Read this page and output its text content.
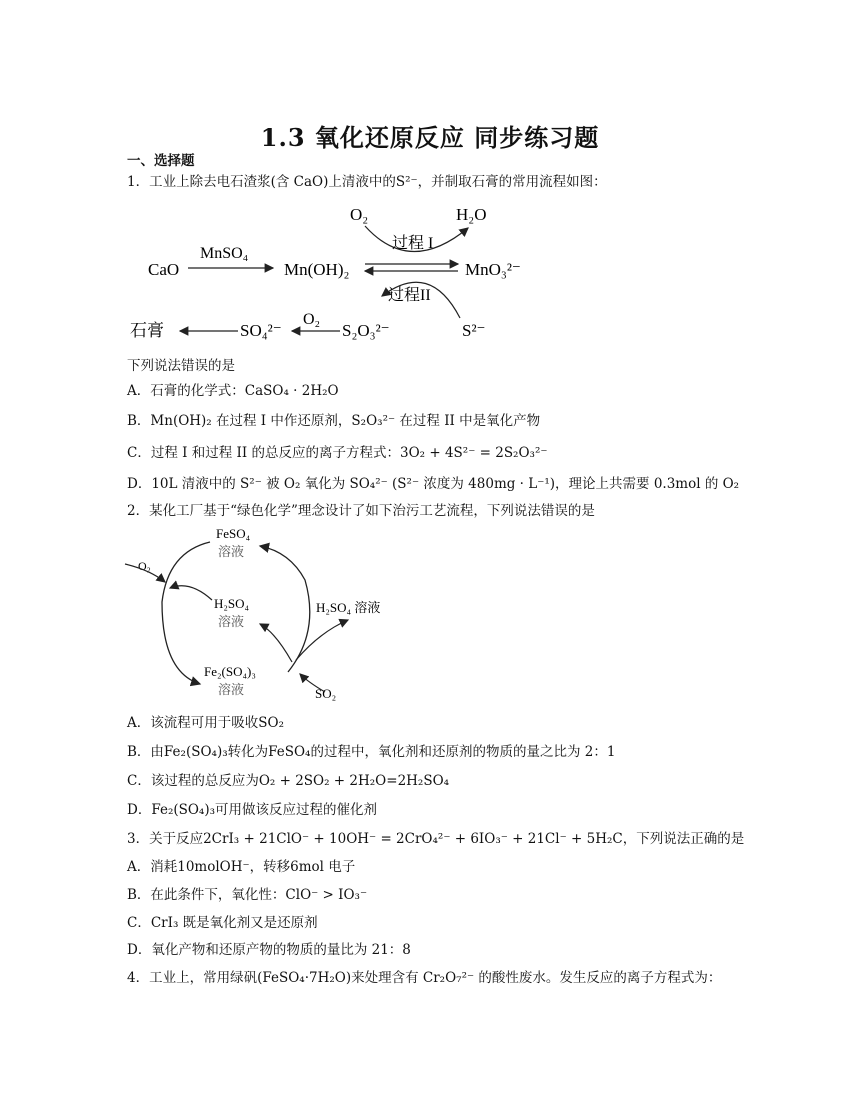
1.3 氧化还原反应 同步练习题
一、选择题
1．工业上除去电石渣浆(含 CaO)上清液中的S²⁻，并制取石膏的常用流程如图：
CaO
MnSO₄
Mn(OH)₂	MnO₃²⁻
O₂	H₂O
过程 I
过程II
S²⁻
S₂O₃²⁻
O₂
SO₄²⁻
石膏
下列说法错误的是
A．石膏的化学式：CaSO₄ · 2H₂O
B．Mn(OH)₂ 在过程 I 中作还原剂，S₂O₃²⁻ 在过程 II 中是氧化产物
C．过程 I 和过程 II 的总反应的离子方程式：3O₂ + 4S²⁻ = 2S₂O₃²⁻
D．10L 清液中的 S²⁻ 被 O₂ 氧化为 SO₄²⁻ (S²⁻ 浓度为 480mg · L⁻¹)，理论上共需要 0.3mol 的 O₂
2．某化工厂基于“绿色化学”理念设计了如下治污工艺流程，下列说法错误的是
FeSO₄
溶液
O₂
H₂SO₄
溶液
H₂SO₄ 溶液
Fe₂(SO₄)₃
溶液	SO₂
A．该流程可用于吸收SO₂
B．由Fe₂(SO₄)₃转化为FeSO₄的过程中，氧化剂和还原剂的物质的量之比为 2：1
C．该过程的总反应为O₂ + 2SO₂ + 2H₂O=2H₂SO₄
D．Fe₂(SO₄)₃可用做该反应过程的催化剂
3．关于反应2CrI₃ + 21ClO⁻ + 10OH⁻ = 2CrO₄²⁻ + 6IO₃⁻ + 21Cl⁻ + 5H₂C，下列说法正确的是
A．消耗10molOH⁻，转移6mol 电子
B．在此条件下，氧化性：ClO⁻ > IO₃⁻
C．CrI₃ 既是氧化剂又是还原剂
D．氧化产物和还原产物的物质的量比为 21：8
4．工业上，常用绿矾(FeSO₄·7H₂O)来处理含有 Cr₂O₇²⁻ 的酸性废水。发生反应的离子方程式为：
